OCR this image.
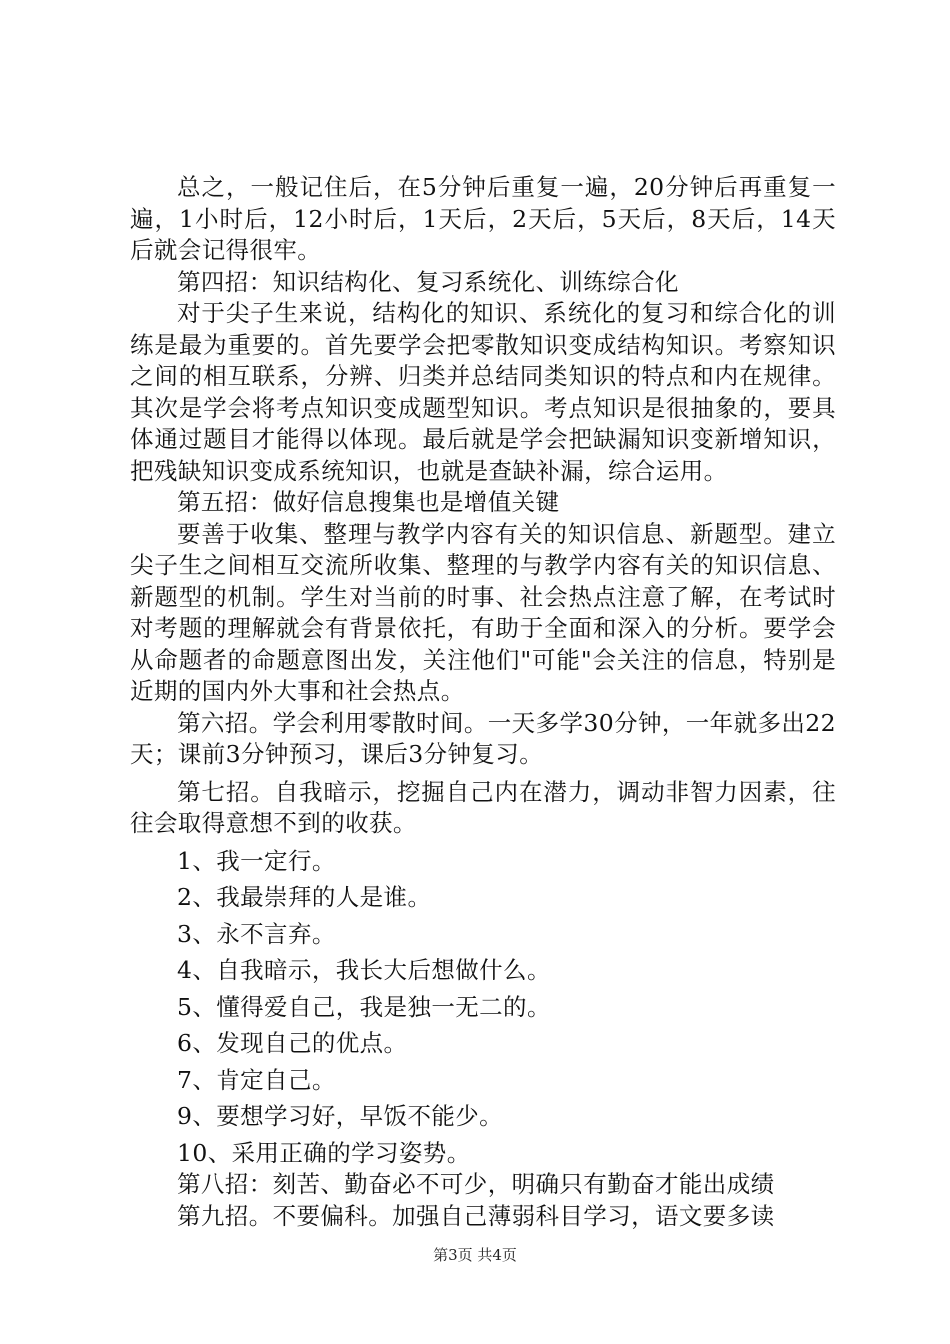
总之，一般记住后，在5分钟后重复一遍，20分钟后再重复一遍，1小时后，12小时后，1天后，2天后，5天后，8天后，14天后就会记得很牢。

第四招：知识结构化、复习系统化、训练综合化

对于尖子生来说，结构化的知识、系统化的复习和综合化的训练是最为重要的。首先要学会把零散知识变成结构知识。考察知识之间的相互联系，分辨、归类并总结同类知识的特点和内在规律。其次是学会将考点知识变成题型知识。考点知识是很抽象的，要具体通过题目才能得以体现。最后就是学会把缺漏知识变新增知识，把残缺知识变成系统知识，也就是查缺补漏，综合运用。

第五招：做好信息搜集也是增值关键

要善于收集、整理与教学内容有关的知识信息、新题型。建立尖子生之间相互交流所收集、整理的与教学内容有关的知识信息、新题型的机制。学生对当前的时事、社会热点注意了解，在考试时对考题的理解就会有背景依托，有助于全面和深入的分析。要学会从命题者的命题意图出发，关注他们"可能"会关注的信息，特别是近期的国内外大事和社会热点。

第六招。学会利用零散时间。一天多学30分钟，一年就多出22天；课前3分钟预习，课后3分钟复习。

第七招。自我暗示，挖掘自己内在潜力，调动非智力因素，往往会取得意想不到的收获。

1、我一定行。

2、我最崇拜的人是谁。

3、永不言弃。

4、自我暗示，我长大后想做什么。

5、懂得爱自己，我是独一无二的。

6、发现自己的优点。

7、肯定自己。

9、要想学习好，早饭不能少。

10、采用正确的学习姿势。

第八招：刻苦、勤奋必不可少，明确只有勤奋才能出成绩

第九招。不要偏科。加强自己薄弱科目学习，语文要多读

第3页 共4页
